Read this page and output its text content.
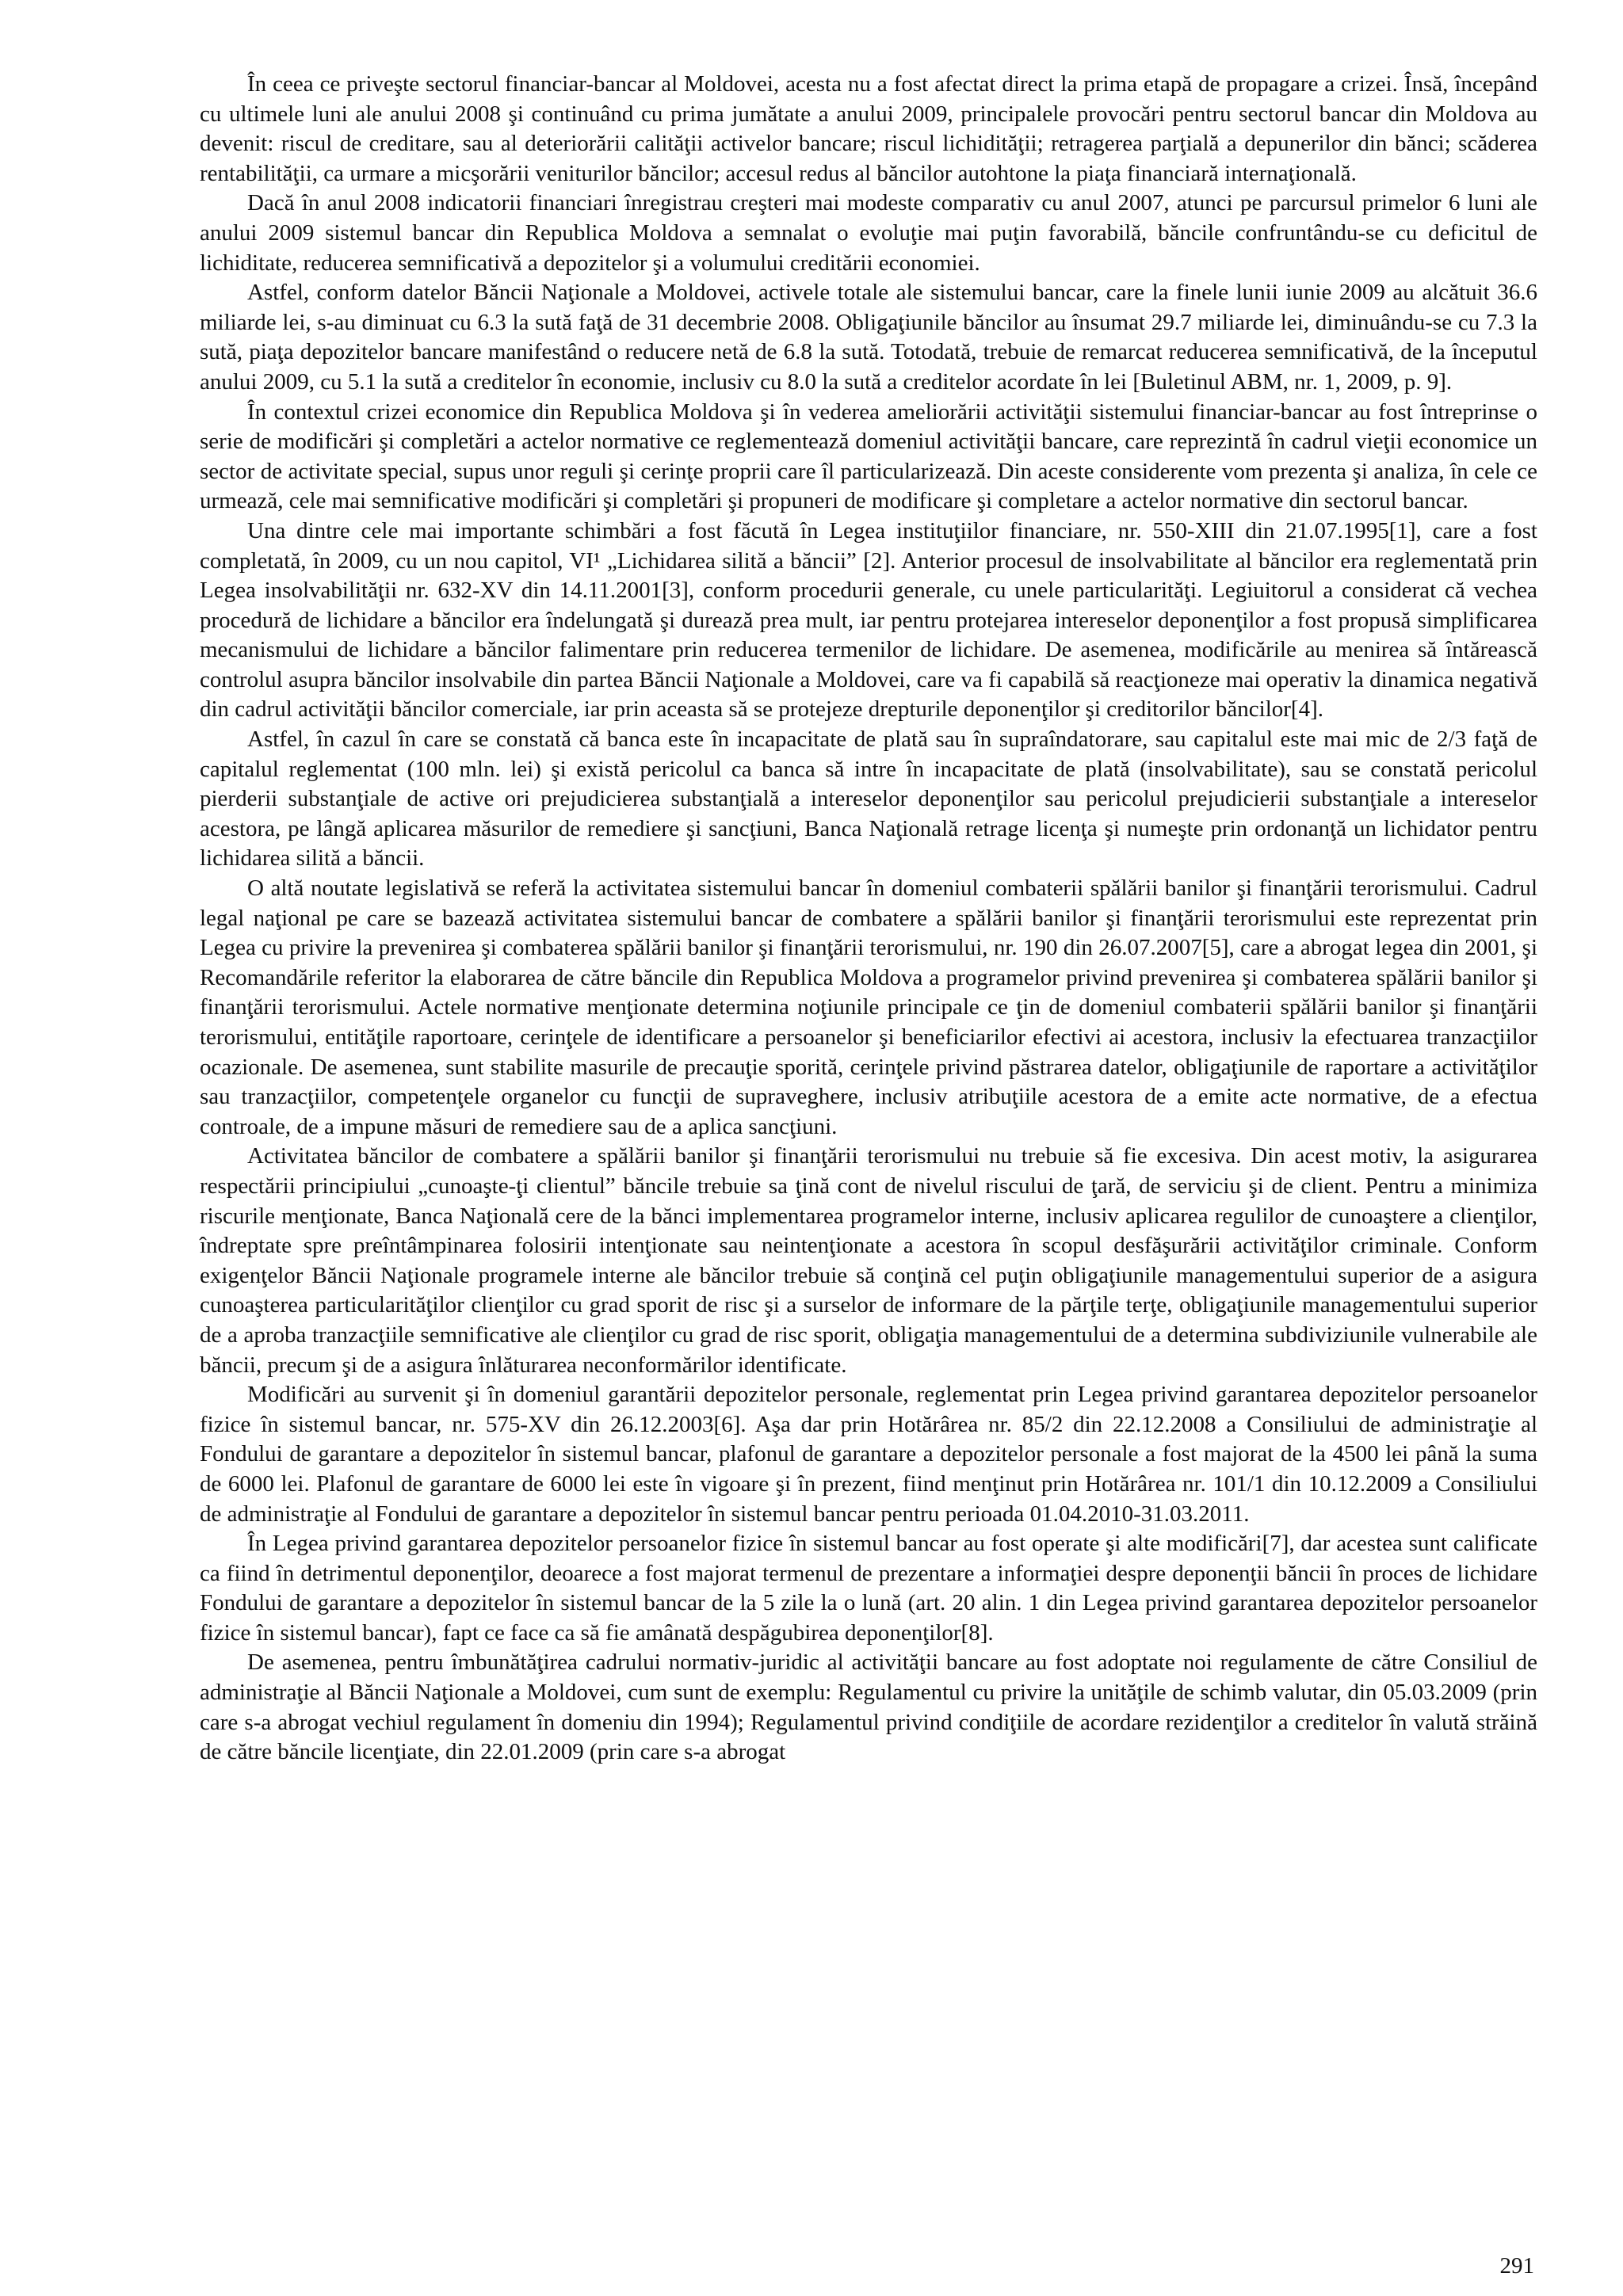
În ceea ce priveşte sectorul financiar-bancar al Moldovei, acesta nu a fost afectat direct la prima etapă de propagare a crizei. Însă, începând cu ultimele luni ale anului 2008 şi continuând cu prima jumătate a anului 2009, principalele provocări pentru sectorul bancar din Moldova au devenit: riscul de creditare, sau al deteriorării calităţii activelor bancare; riscul lichidităţii; retragerea parţială a depunerilor din bănci; scăderea rentabilităţii, ca urmare a micşorării veniturilor băncilor; accesul redus al băncilor autohtone la piaţa financiară internaţională.

Dacă în anul 2008 indicatorii financiari înregistrau creşteri mai modeste comparativ cu anul 2007, atunci pe parcursul primelor 6 luni ale anului 2009 sistemul bancar din Republica Moldova a semnalat o evoluţie mai puţin favorabilă, băncile confruntându-se cu deficitul de lichiditate, reducerea semnificativă a depozitelor şi a volumului creditării economiei.

Astfel, conform datelor Băncii Naţionale a Moldovei, activele totale ale sistemului bancar, care la finele lunii iunie 2009 au alcătuit 36.6 miliarde lei, s-au diminuat cu 6.3 la sută faţă de 31 decembrie 2008. Obligaţiunile băncilor au însumat 29.7 miliarde lei, diminuându-se cu 7.3 la sută, piaţa depozitelor bancare manifestând o reducere netă de 6.8 la sută. Totodată, trebuie de remarcat reducerea semnificativă, de la începutul anului 2009, cu 5.1 la sută a creditelor în economie, inclusiv cu 8.0 la sută a creditelor acordate în lei [Buletinul ABM, nr. 1, 2009, p. 9].

În contextul crizei economice din Republica Moldova şi în vederea ameliorării activităţii sistemului financiar-bancar au fost întreprinse o serie de modificări şi completări a actelor normative ce reglementează domeniul activităţii bancare, care reprezintă în cadrul vieţii economice un sector de activitate special, supus unor reguli şi cerinţe proprii care îl particularizează. Din aceste considerente vom prezenta şi analiza, în cele ce urmează, cele mai semnificative modificări şi completări şi propuneri de modificare şi completare a actelor normative din sectorul bancar.

Una dintre cele mai importante schimbări a fost făcută în Legea instituţiilor financiare, nr. 550-XIII din 21.07.1995[1], care a fost completată, în 2009, cu un nou capitol, VI¹ „Lichidarea silită a băncii” [2]. Anterior procesul de insolvabilitate al băncilor era reglementată prin Legea insolvabilităţii nr. 632-XV din 14.11.2001[3], conform procedurii generale, cu unele particularităţi. Legiuitorul a considerat că vechea procedură de lichidare a băncilor era îndelungată şi durează prea mult, iar pentru protejarea intereselor deponenţilor a fost propusă simplificarea mecanismului de lichidare a băncilor falimentare prin reducerea termenilor de lichidare. De asemenea, modificările au menirea să întărească controlul asupra băncilor insolvabile din partea Băncii Naţionale a Moldovei, care va fi capabilă să reacţioneze mai operativ la dinamica negativă din cadrul activităţii băncilor comerciale, iar prin aceasta să se protejeze drepturile deponenţilor şi creditorilor băncilor[4].

Astfel, în cazul în care se constată că banca este în incapacitate de plată sau în supraîndatorare, sau capitalul este mai mic de 2/3 faţă de capitalul reglementat (100 mln. lei) şi există pericolul ca banca să intre în incapacitate de plată (insolvabilitate), sau se constată pericolul pierderii substanţiale de active ori prejudicierea substanţială a intereselor deponenţilor sau pericolul prejudicierii substanţiale a intereselor acestora, pe lângă aplicarea măsurilor de remediere şi sancţiuni, Banca Naţională retrage licenţa şi numeşte prin ordonanţă un lichidator pentru lichidarea silită a băncii.

O altă noutate legislativă se referă la activitatea sistemului bancar în domeniul combaterii spălării banilor şi finanţării terorismului. Cadrul legal naţional pe care se bazează activitatea sistemului bancar de combatere a spălării banilor şi finanţării terorismului este reprezentat prin Legea cu privire la prevenirea şi combaterea spălării banilor şi finanţării terorismului, nr. 190 din 26.07.2007[5], care a abrogat legea din 2001, şi Recomandările referitor la elaborarea de către băncile din Republica Moldova a programelor privind prevenirea şi combaterea spălării banilor şi finanţării terorismului. Actele normative menţionate determina noţiunile principale ce ţin de domeniul combaterii spălării banilor şi finanţării terorismului, entităţile raportoare, cerinţele de identificare a persoanelor şi beneficiarilor efectivi ai acestora, inclusiv la efectuarea tranzacţiilor ocazionale. De asemenea, sunt stabilite masurile de precauţie sporită, cerinţele privind păstrarea datelor, obligaţiunile de raportare a activităţilor sau tranzacţiilor, competenţele organelor cu funcţii de supraveghere, inclusiv atribuţiile acestora de a emite acte normative, de a efectua controale, de a impune măsuri de remediere sau de a aplica sancţiuni.

Activitatea băncilor de combatere a spălării banilor şi finanţării terorismului nu trebuie să fie excesiva. Din acest motiv, la asigurarea respectării principiului „cunoaşte-ţi clientul” băncile trebuie sa ţină cont de nivelul riscului de ţară, de serviciu şi de client. Pentru a minimiza riscurile menţionate, Banca Naţională cere de la bănci implementarea programelor interne, inclusiv aplicarea regulilor de cunoaştere a clienţilor, îndreptate spre preîntâmpinarea folosirii intenţionate sau neintenţionate a acestora în scopul desfăşurării activităţilor criminale. Conform exigenţelor Băncii Naţionale programele interne ale băncilor trebuie să conţină cel puţin obligaţiunile managementului superior de a asigura cunoaşterea particularităţilor clienţilor cu grad sporit de risc şi a surselor de informare de la părţile terţe, obligaţiunile managementului superior de a aproba tranzacţiile semnificative ale clienţilor cu grad de risc sporit, obligaţia managementului de a determina subdiviziunile vulnerabile ale băncii, precum şi de a asigura înlăturarea neconformărilor identificate.

Modificări au survenit şi în domeniul garantării depozitelor personale, reglementat prin Legea privind garantarea depozitelor persoanelor fizice în sistemul bancar, nr. 575-XV din 26.12.2003[6]. Aşa dar prin Hotărârea nr. 85/2 din 22.12.2008 a Consiliului de administraţie al Fondului de garantare a depozitelor în sistemul bancar, plafonul de garantare a depozitelor personale a fost majorat de la 4500 lei până la suma de 6000 lei. Plafonul de garantare de 6000 lei este în vigoare şi în prezent, fiind menţinut prin Hotărârea nr. 101/1 din 10.12.2009 a Consiliului de administraţie al Fondului de garantare a depozitelor în sistemul bancar pentru perioada 01.04.2010-31.03.2011.

În Legea privind garantarea depozitelor persoanelor fizice în sistemul bancar au fost operate şi alte modificări[7], dar acestea sunt calificate ca fiind în detrimentul deponenţilor, deoarece a fost majorat termenul de prezentare a informaţiei despre deponenţii băncii în proces de lichidare Fondului de garantare a depozitelor în sistemul bancar de la 5 zile la o lună (art. 20 alin. 1 din Legea privind garantarea depozitelor persoanelor fizice în sistemul bancar), fapt ce face ca să fie amânată despăgubirea deponenţilor[8].

De asemenea, pentru îmbunătăţirea cadrului normativ-juridic al activităţii bancare au fost adoptate noi regulamente de către Consiliul de administraţie al Băncii Naţionale a Moldovei, cum sunt de exemplu: Regulamentul cu privire la unităţile de schimb valutar, din 05.03.2009 (prin care s-a abrogat vechiul regulament în domeniu din 1994); Regulamentul privind condiţiile de acordare rezidenţilor a creditelor în valută străină de către băncile licenţiate, din 22.01.2009 (prin care s-a abrogat

291
